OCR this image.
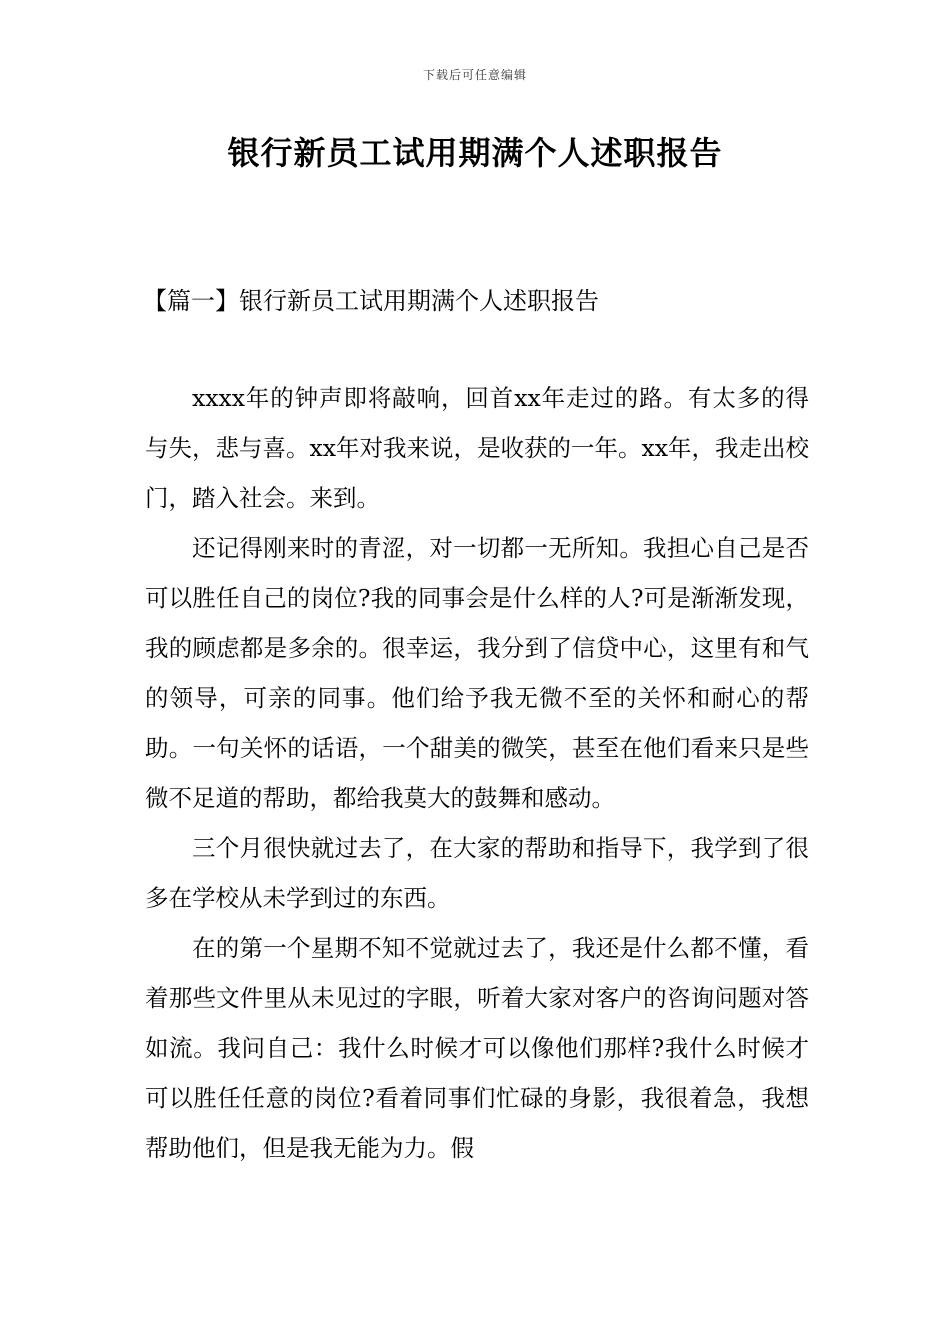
下载后可任意编辑
银行新员工试用期满个人述职报告
【篇一】银行新员工试用期满个人述职报告

xxxx年的钟声即将敲响，回首xx年走过的路。有太多的得与失，悲与喜。xx年对我来说，是收获的一年。xx年，我走出校门，踏入社会。来到。

还记得刚来时的青涩，对一切都一无所知。我担心自己是否可以胜任自己的岗位?我的同事会是什么样的人?可是渐渐发现，我的顾虑都是多余的。很幸运，我分到了信贷中心，这里有和气的领导，可亲的同事。他们给予我无微不至的关怀和耐心的帮助。一句关怀的话语，一个甜美的微笑，甚至在他们看来只是些微不足道的帮助，都给我莫大的鼓舞和感动。

三个月很快就过去了，在大家的帮助和指导下，我学到了很多在学校从未学到过的东西。

在的第一个星期不知不觉就过去了，我还是什么都不懂，看着那些文件里从未见过的字眼，听着大家对客户的咨询问题对答如流。我问自己：我什么时候才可以像他们那样?我什么时候才可以胜任任意的岗位?看着同事们忙碌的身影，我很着急，我想帮助他们，但是我无能为力。假
